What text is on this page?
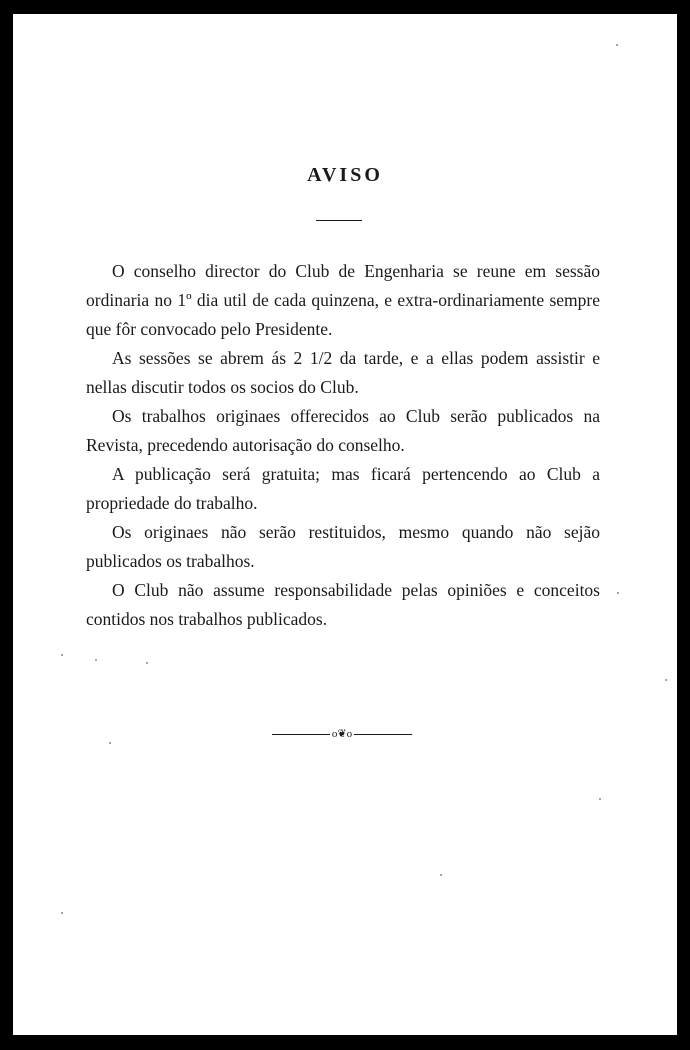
AVISO

O conselho director do Club de Engenharia se reune em sessão ordinaria no 1º dia util de cada quinzena, e extra-ordinariamente sempre que fôr convocado pelo Presidente.

As sessões se abrem ás 2 1/2 da tarde, e a ellas podem assistir e nellas discutir todos os socios do Club.

Os trabalhos originaes offerecidos ao Club serão publicados na Revista, precedendo autorisação do conselho.

A publicação será gratuita; mas ficará pertencendo ao Club a propriedade do trabalho.

Os originaes não serão restituidos, mesmo quando não sejão publicados os trabalhos.

O Club não assume responsabilidade pelas opiniões e conceitos contidos nos trabalhos publicados.

o❦o
